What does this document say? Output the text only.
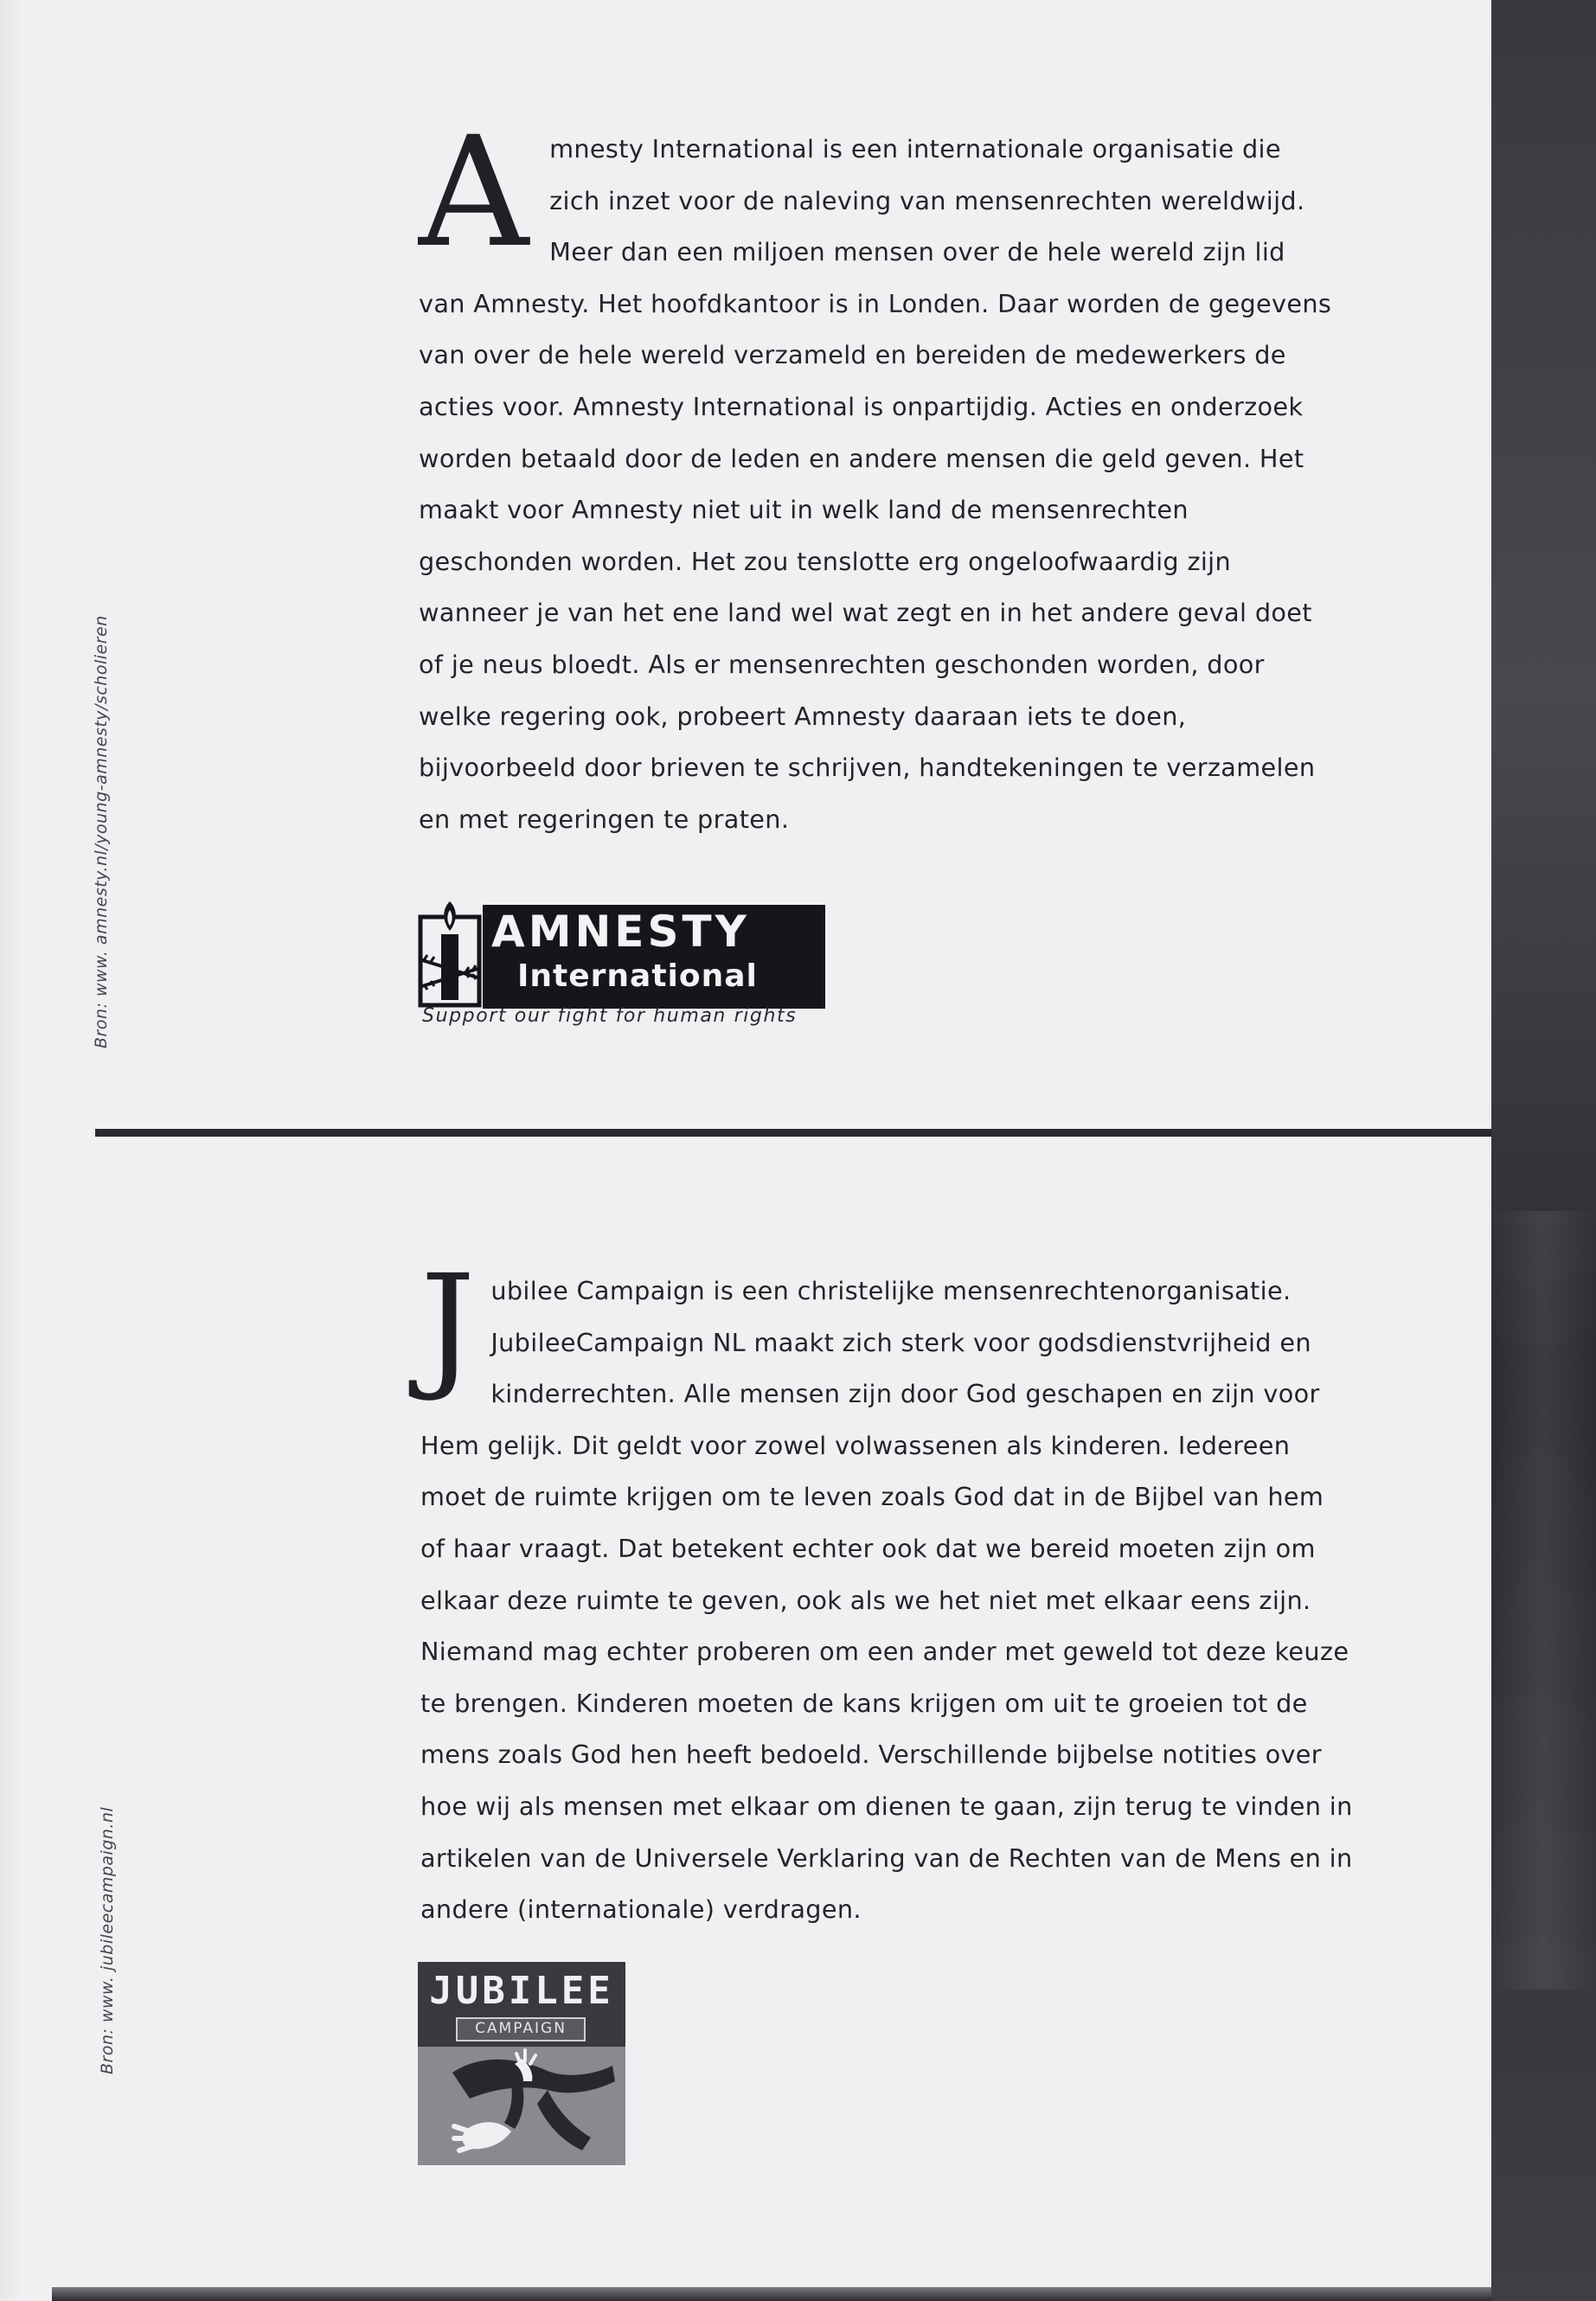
Bron: www. amnesty.nl/young-amnesty/scholieren
A mnesty International is een internationale organisatie die zich inzet voor de naleving van mensenrechten wereldwijd. Meer dan een miljoen mensen over de hele wereld zijn lid van Amnesty. Het hoofdkantoor is in Londen. Daar worden de gegevens van over de hele wereld verzameld en bereiden de medewerkers de acties voor. Amnesty International is onpartijdig. Acties en onderzoek worden betaald door de leden en andere mensen die geld geven. Het maakt voor Amnesty niet uit in welk land de mensenrechten geschonden worden. Het zou tenslotte erg ongeloofwaardig zijn wanneer je van het ene land wel wat zegt en in het andere geval doet of je neus bloedt. Als er mensenrechten geschonden worden, door welke regering ook, probeert Amnesty daaraan iets te doen, bijvoorbeeld door brieven te schrijven, handtekeningen te verzamelen en met regeringen te praten.

AMNESTY
International
Support our fight for human rights
Bron: www. jubileecampaign.nl
J ubilee Campaign is een christelijke mensenrechtenorganisatie. JubileeCampaign NL maakt zich sterk voor godsdienstvrijheid en kinderrechten. Alle mensen zijn door God geschapen en zijn voor Hem gelijk. Dit geldt voor zowel volwassenen als kinderen. Iedereen moet de ruimte krijgen om te leven zoals God dat in de Bijbel van hem of haar vraagt. Dat betekent echter ook dat we bereid moeten zijn om elkaar deze ruimte te geven, ook als we het niet met elkaar eens zijn. Niemand mag echter proberen om een ander met geweld tot deze keuze te brengen. Kinderen moeten de kans krijgen om uit te groeien tot de mens zoals God hen heeft bedoeld. Verschillende bijbelse notities over hoe wij als mensen met elkaar om dienen te gaan, zijn terug te vinden in artikelen van de Universele Verklaring van de Rechten van de Mens en in andere (internationale) verdragen.

JUBILEE
CAMPAIGN
